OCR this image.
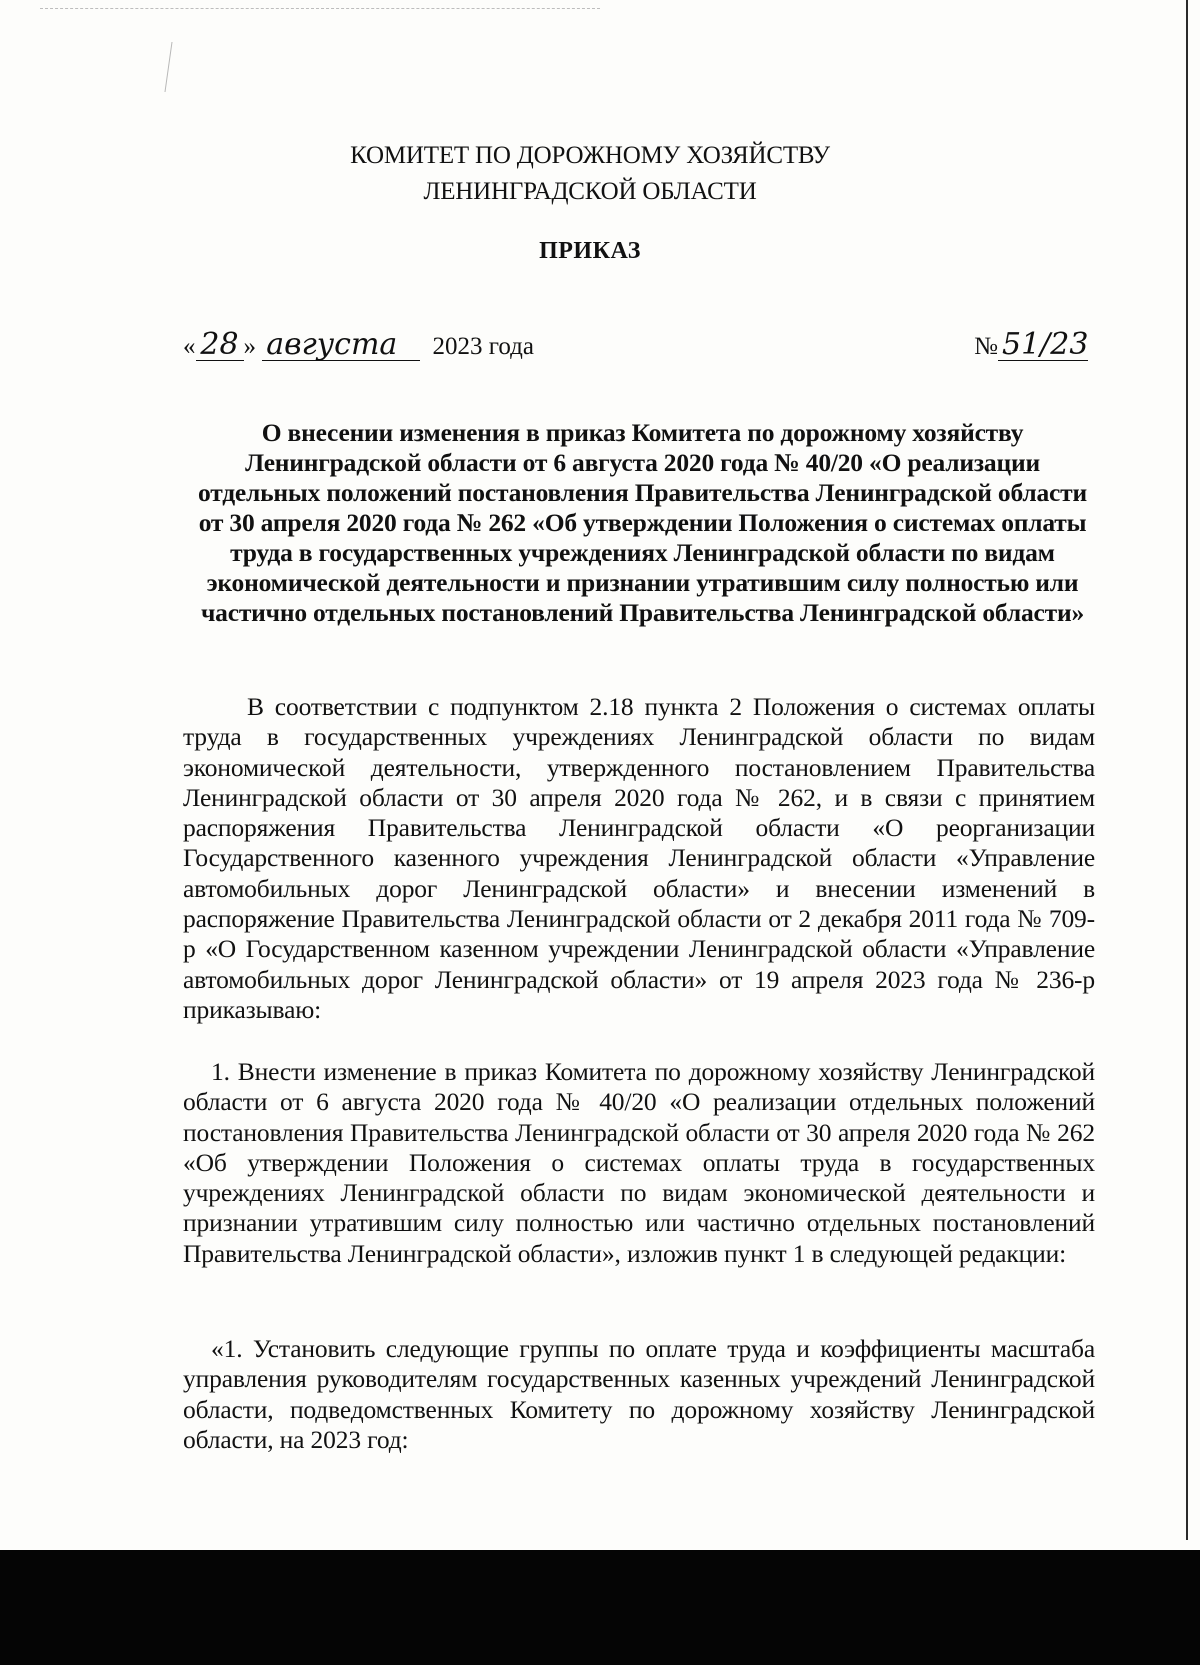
КОМИТЕТ ПО ДОРОЖНОМУ ХОЗЯЙСТВУ
ЛЕНИНГРАДСКОЙ ОБЛАСТИ
ПРИКАЗ
« 28 » августа 2023 года	№ 51/23
О внесении изменения в приказ Комитета по дорожному хозяйству Ленинградской области от 6 августа 2020 года № 40/20 «О реализации отдельных положений постановления Правительства Ленинградской области от 30 апреля 2020 года № 262 «Об утверждении Положения о системах оплаты труда в государственных учреждениях Ленинградской области по видам экономической деятельности и признании утратившим силу полностью или частично отдельных постановлений Правительства Ленинградской области»
В соответствии с подпунктом 2.18 пункта 2 Положения о системах оплаты труда в государственных учреждениях Ленинградской области по видам экономической деятельности, утвержденного постановлением Правительства Ленинградской области от 30 апреля 2020 года № 262, и в связи с принятием распоряжения Правительства Ленинградской области «О реорганизации Государственного казенного учреждения Ленинградской области «Управление автомобильных дорог Ленинградской области» и внесении изменений в распоряжение Правительства Ленинградской области от 2 декабря 2011 года № 709-р «О Государственном казенном учреждении Ленинградской области «Управление автомобильных дорог Ленинградской области» от 19 апреля 2023 года № 236-р приказываю:
1. Внести изменение в приказ Комитета по дорожному хозяйству Ленинградской области от 6 августа 2020 года № 40/20 «О реализации отдельных положений постановления Правительства Ленинградской области от 30 апреля 2020 года № 262 «Об утверждении Положения о системах оплаты труда в государственных учреждениях Ленинградской области по видам экономической деятельности и признании утратившим силу полностью или частично отдельных постановлений Правительства Ленинградской области», изложив пункт 1 в следующей редакции:
«1. Установить следующие группы по оплате труда и коэффициенты масштаба управления руководителям государственных казенных учреждений Ленинградской области, подведомственных Комитету по дорожному хозяйству Ленинградской области, на 2023 год:
